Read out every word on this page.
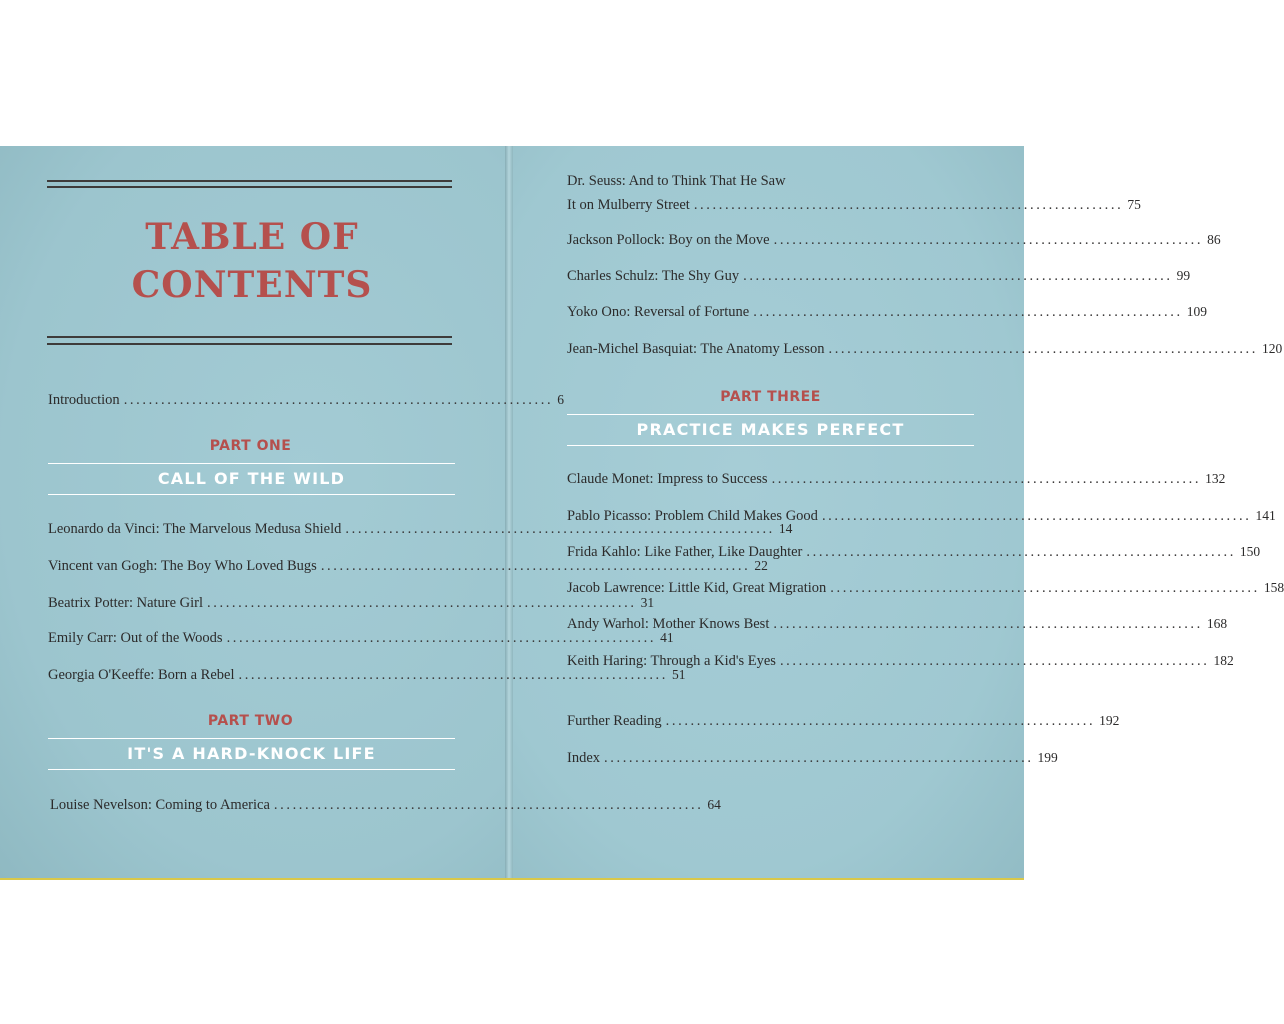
TABLE OF
CONTENTS
Introduction ..................................................................... 6
PART ONE
CALL OF THE WILD
Leonardo da Vinci: The Marvelous Medusa Shield ..................................................................... 14
Vincent van Gogh: The Boy Who Loved Bugs ..................................................................... 22
Beatrix Potter: Nature Girl ..................................................................... 31
Emily Carr: Out of the Woods ..................................................................... 41
Georgia O'Keeffe: Born a Rebel ..................................................................... 51
PART TWO
IT'S A HARD-KNOCK LIFE
Louise Nevelson: Coming to America ..................................................................... 64
Dr. Seuss: And to Think That He Saw
It on Mulberry Street ..................................................................... 75
Jackson Pollock: Boy on the Move ..................................................................... 86
Charles Schulz: The Shy Guy ..................................................................... 99
Yoko Ono: Reversal of Fortune ..................................................................... 109
Jean-Michel Basquiat: The Anatomy Lesson ..................................................................... 120
PART THREE
PRACTICE MAKES PERFECT
Claude Monet: Impress to Success ..................................................................... 132
Pablo Picasso: Problem Child Makes Good ..................................................................... 141
Frida Kahlo: Like Father, Like Daughter ..................................................................... 150
Jacob Lawrence: Little Kid, Great Migration ..................................................................... 158
Andy Warhol: Mother Knows Best ..................................................................... 168
Keith Haring: Through a Kid's Eyes ..................................................................... 182
Further Reading ..................................................................... 192
Index ..................................................................... 199
